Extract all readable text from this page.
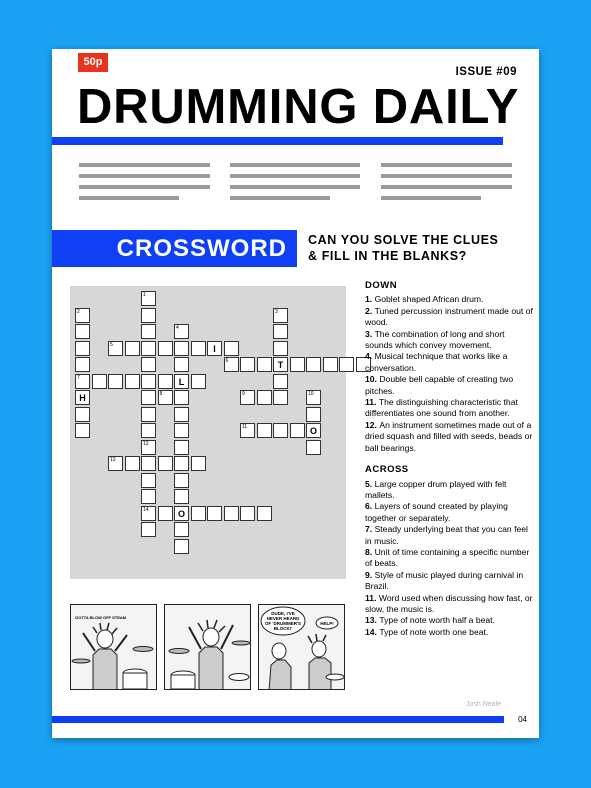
50p
ISSUE #09
DRUMMING DAILY
CROSSWORD CAN YOU SOLVE THE CLUES
& FILL IN THE BLANKS?
1
12
2
7
H
3
T
4
L
O
5	I
6
8	9	10
O
11
14
13
DOWN

1. Goblet shaped African drum.

2. Tuned percussion instrument made out of wood.

3. The combination of long and short sounds which convey movement.

4. Musical technique that works like a conversation.

10. Double bell capable of creating two pitches.

11. The distinguishing characteristic that differentiates one sound from another.

12. An instrument sometimes made out of a dried squash and filled with seeds, beads or ball bearings.

ACROSS

5. Large copper drum played with felt mallets.

6. Layers of sound created by playing together or separately.

7. Steady underlying beat that you can feel in music.

8. Unit of time containing a specific number of beats.

9. Style of music played during carnival in Brazil.

11. Word used when discussing how fast, or slow, the music is.

13. Type of note worth half a beat.

14. Type of note worth one beat.

GOTTA BLOW OFF STEAM
DUDE, I'VE NEVER HEARD OF 'DRUMMER'S BLOCK!'
HELP!
Josh Neale
04
